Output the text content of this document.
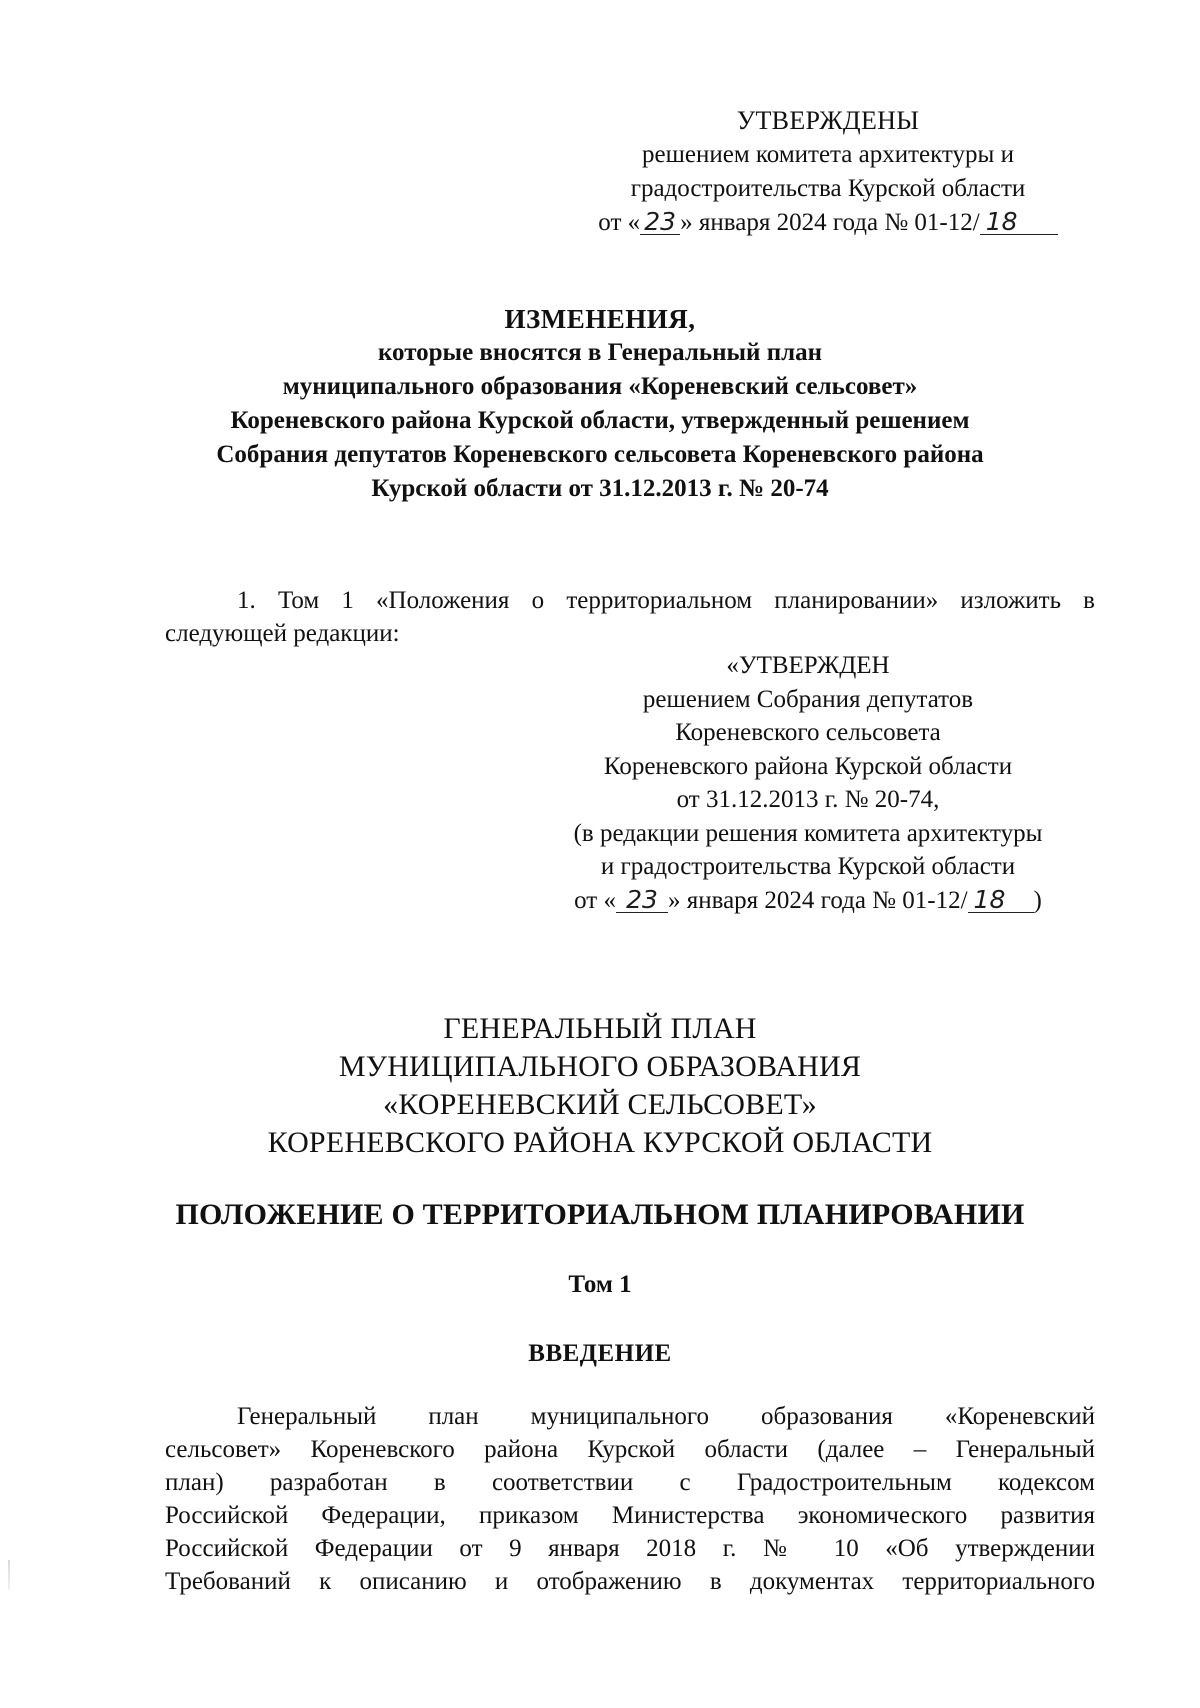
УТВЕРЖДЕНЫ
решением комитета архитектуры и
градостроительства Курской области
от « 23 » января 2024 года № 01-12/ 18
ИЗМЕНЕНИЯ,
которые вносятся в Генеральный план
муниципального образования «Кореневский сельсовет»
Кореневского района Курской области, утвержденный решением
Собрания депутатов Кореневского сельсовета Кореневского района
Курской области от 31.12.2013 г. № 20-74
1. Том 1 «Положения о территориальном планировании» изложить в
следующей редакции:
«УТВЕРЖДЕН
решением Собрания депутатов
Кореневского сельсовета
Кореневского района Курской области
от 31.12.2013 г. № 20-74,
(в редакции решения комитета архитектуры
и градостроительства Курской области
от « 23 » января 2024 года № 01-12/ 18 )
ГЕНЕРАЛЬНЫЙ ПЛАН
МУНИЦИПАЛЬНОГО ОБРАЗОВАНИЯ
«КОРЕНЕВСКИЙ СЕЛЬСОВЕТ»
КОРЕНЕВСКОГО РАЙОНА КУРСКОЙ ОБЛАСТИ
ПОЛОЖЕНИЕ О ТЕРРИТОРИАЛЬНОМ ПЛАНИРОВАНИИ
Том 1
ВВЕДЕНИЕ
Генеральный план муниципального образования «Кореневский
сельсовет» Кореневского района Курской области (далее – Генеральный
план) разработан в соответствии с Градостроительным кодексом
Российской Федерации, приказом Министерства экономического развития
Российской Федерации от 9 января 2018 г. № 10 «Об утверждении
Требований к описанию и отображению в документах территориального
